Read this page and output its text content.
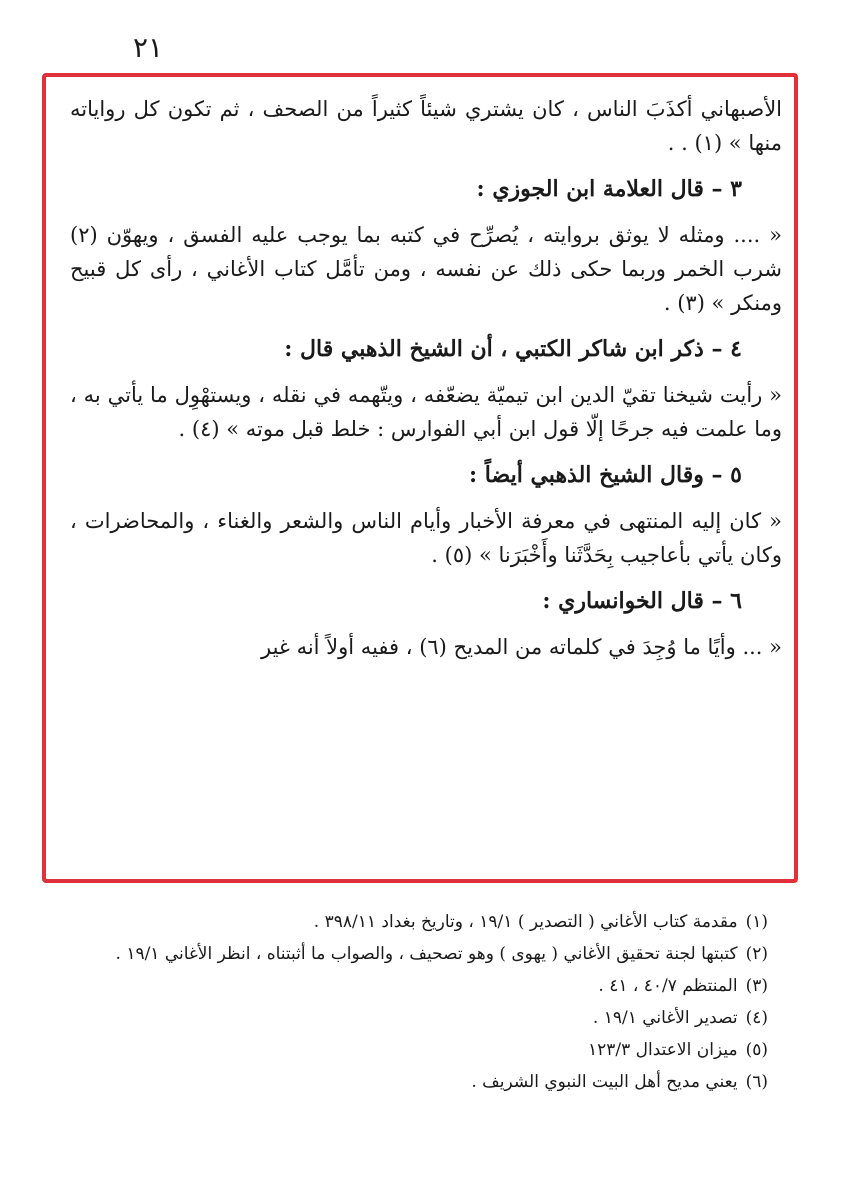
٢١

الأصبهاني أكذَبَ الناس ، كان يشتري شيئاً كثيراً من الصحف ، ثم تكون كل رواياته منها » (١) . .

٣ – قال العلامة ابن الجوزي :

« .... ومثله لا يوثق بروايته ، يُصرِّح في كتبه بما يوجب عليه الفسق ، ويهوّن (٢) شرب الخمر وربما حكى ذلك عن نفسه ، ومن تأمَّل كتاب الأغاني ، رأى كل قبيح ومنكر » (٣) .

٤ – ذكر ابن شاكر الكتبي ، أن الشيخ الذهبي قال :

« رأيت شيخنا تقيّ الدين ابن تيميّة يضعّفه ، ويتّهمه في نقله ، ويستهْوِل ما يأتي به ، وما علمت فيه جرحًا إلّا قول ابن أبي الفوارس : خلط قبل موته » (٤) .

٥ – وقال الشيخ الذهبي أيضاً :

« كان إليه المنتهى في معرفة الأخبار وأيام الناس والشعر والغناء ، والمحاضرات ، وكان يأتي بأعاجيب بِحَدَّثَنا وأَخْبَرَنا » (٥) .

٦ – قال الخوانساري :

« ... وأيًا ما وُجِدَ في كلماته من المديح (٦) ، ففيه أولاً أنه غير

(١)مقدمة كتاب الأغاني ( التصدير ) ١٩/١ ، وتاريخ بغداد ٣٩٨/١١ .

(٢)كتبتها لجنة تحقيق الأغاني ( يهوى ) وهو تصحيف ، والصواب ما أثبتناه ، انظر الأغاني ١٩/١ .

(٣)المنتظم ٤٠/٧ ، ٤١ .

(٤)تصدير الأغاني ١٩/١ .

(٥)ميزان الاعتدال ١٢٣/٣

(٦)يعني مديح أهل البيت النبوي الشريف .
